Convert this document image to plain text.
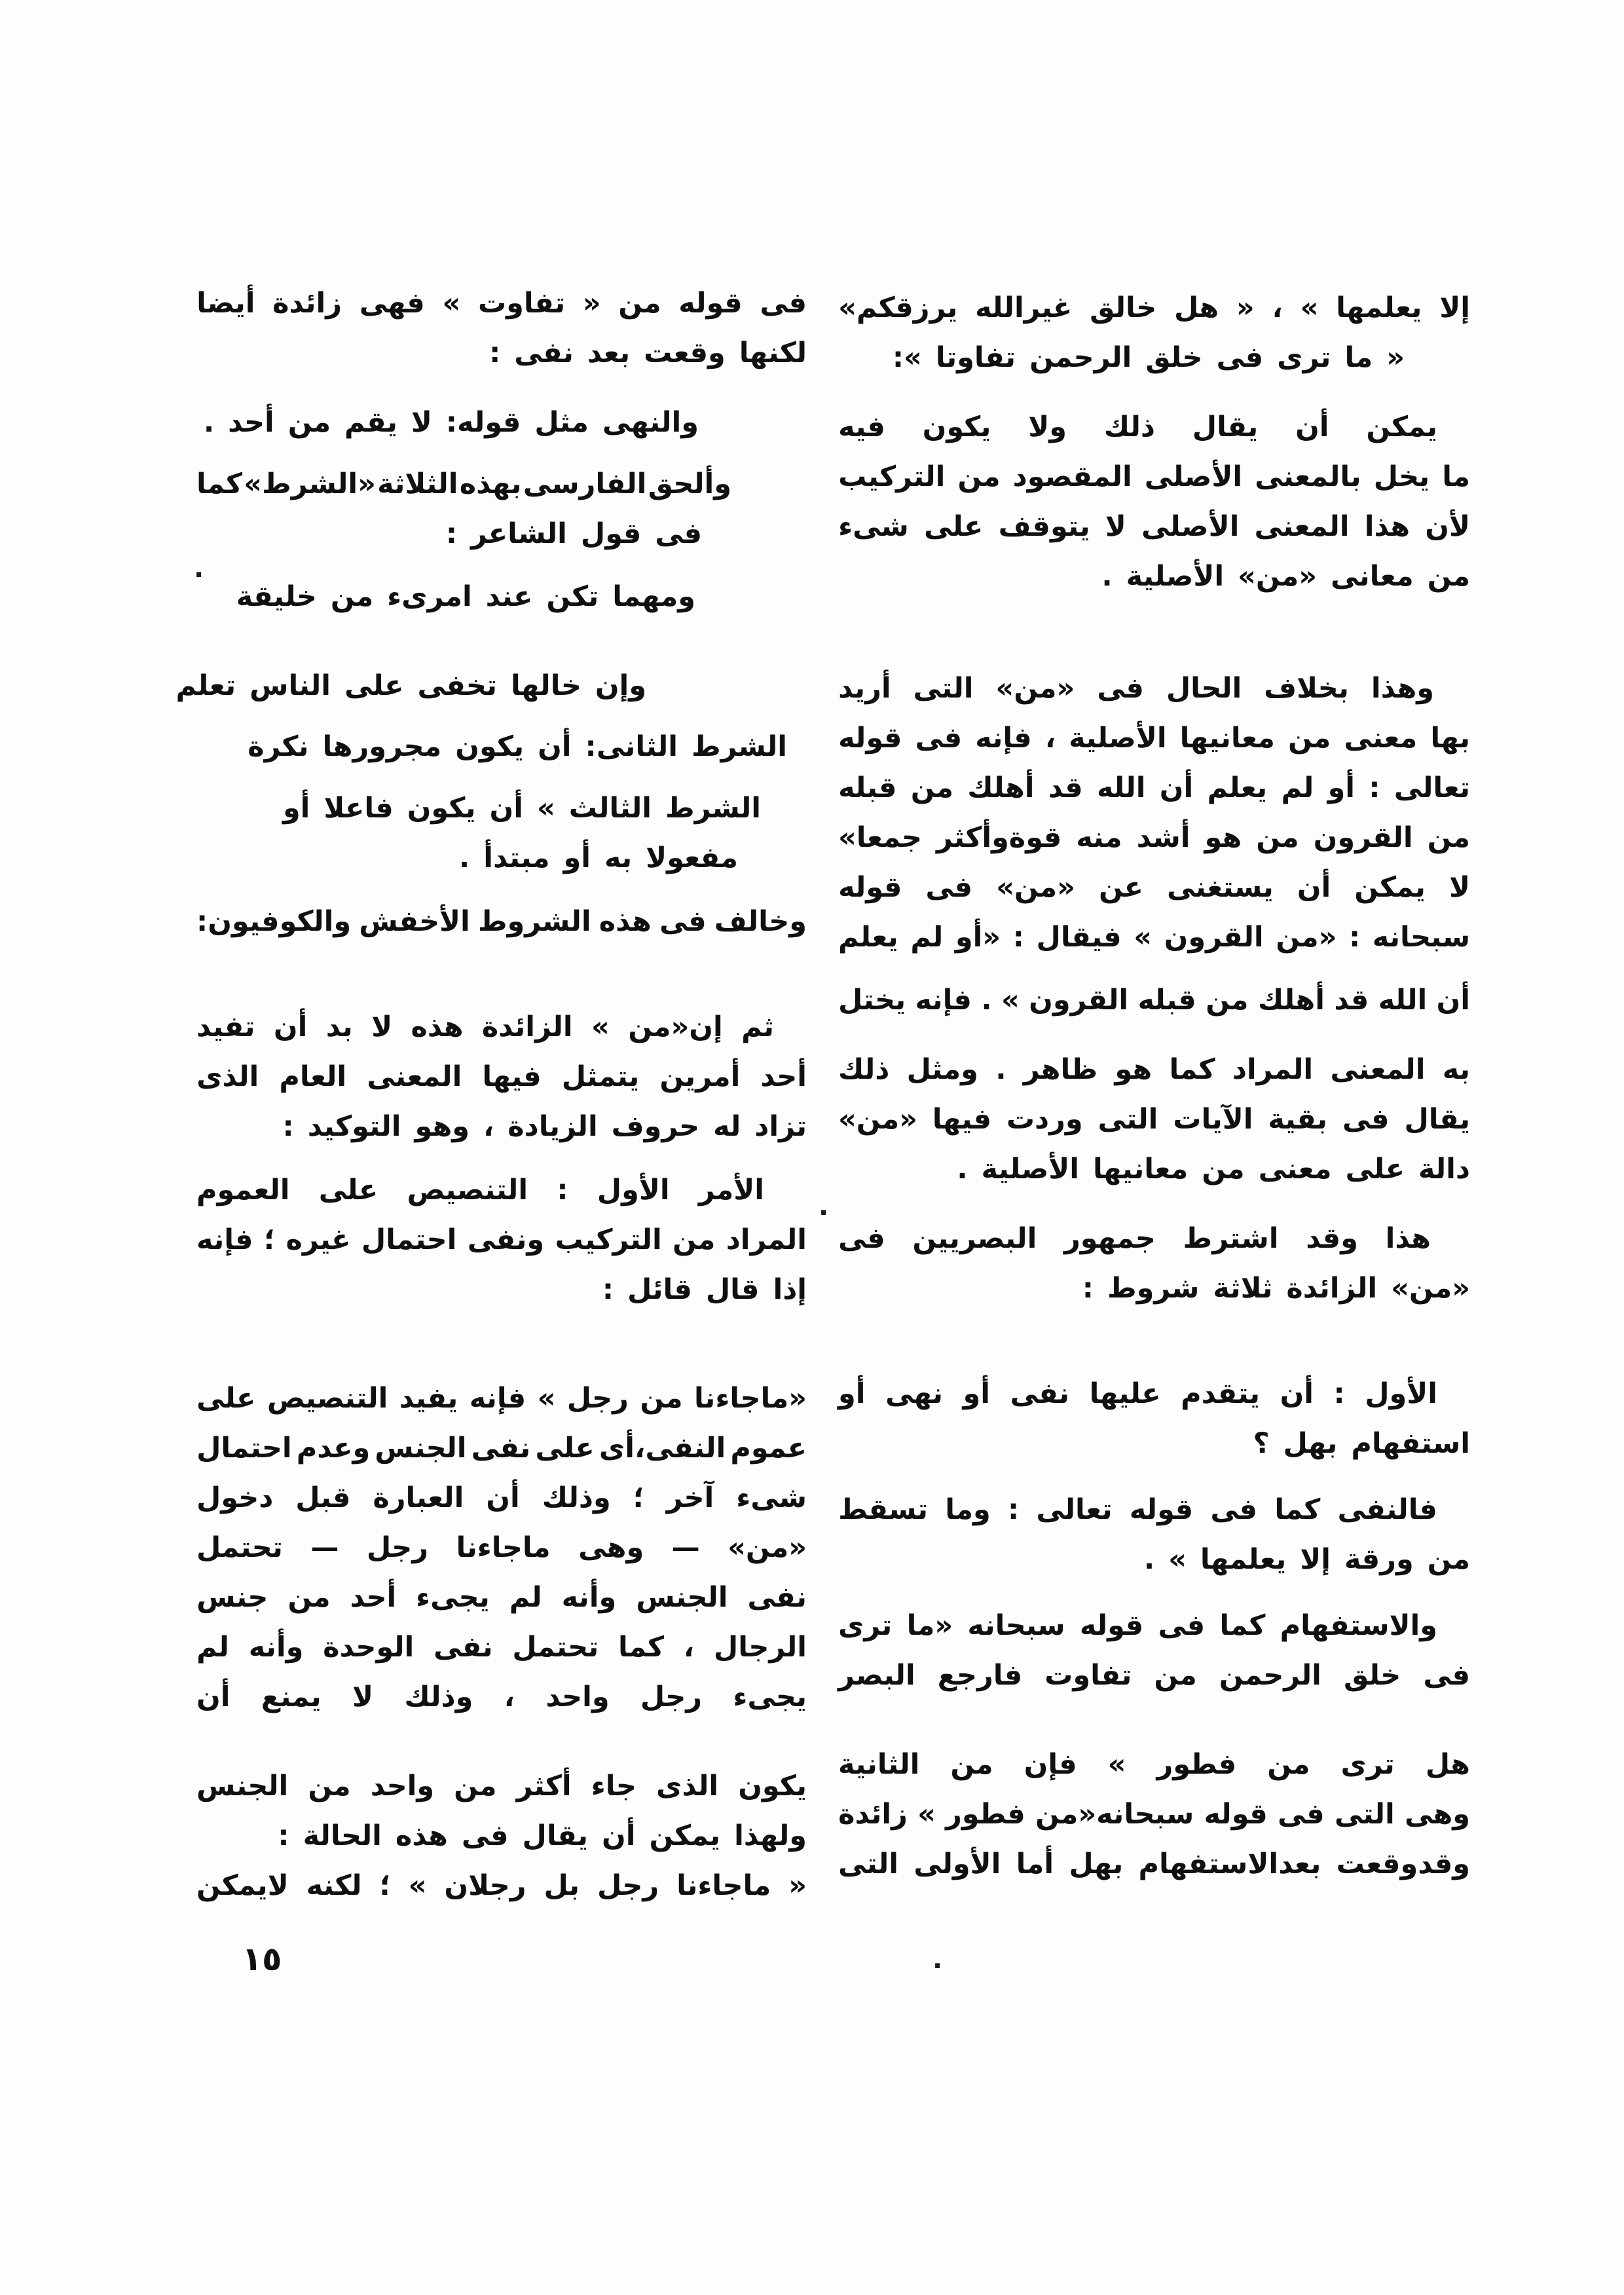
إلا
يعلمها
»
،
«
هل
خالق
غيرالله
يرزقكم»
« ما ترى فى خلق الرحمن تفاوتا »:
يمكن
أن
يقال
ذلك
ولا
يكون
فيه
ما
يخل
بالمعنى
الأصلى
المقصود
من
التركيب
لأن
هذا
المعنى
الأصلى
لا
يتوقف
على
شىء
من معانى «من» الأصلية .
وهذا
بخلاف
الحال
فى
«من»
التى
أريد
بها
معنى
من
معانيها
الأصلية
،
فإنه
فى
قوله
تعالى
:
أو
لم
يعلم
أن
الله
قد
أهلك
من
قبله
من
القرون
من
هو
أشد
منه
قوةوأكثر
جمعا»
لا
يمكن
أن
يستغنى
عن
«من»
فى
قوله
سبحانه
:
«من
القرون
»
فيقال
:
«أو
لم
يعلم
أن
الله
قد
أهلك
من
قبله
القرون
»
.
فإنه
يختل
به
المعنى
المراد
كما
هو
ظاهر
.
ومثل
ذلك
يقال
فى
بقية
الآيات
التى
وردت
فيها
«من»
دالة على معنى من معانيها الأصلية .
هذا
وقد
اشترط
جمهور
البصريين
فى
«من» الزائدة ثلاثة شروط :
الأول
:
أن
يتقدم
عليها
نفى
أو
نهى
أو
استفهام بهل ؟
فالنفى
كما
فى
قوله
تعالى
:
وما
تسقط
من ورقة إلا يعلمها » .
والاستفهام
كما
فى
قوله
سبحانه
«ما
ترى
فى
خلق
الرحمن
من
تفاوت
فارجع
البصر
هل
ترى
من
فطور
»
فإن
من
الثانية
وهى
التى
فى
قوله
سبحانه«من
فطور
»
زائدة
وقدوقعت
بعدالاستفهام
بهل
أما
الأولى
التى
فى
قوله
من
«
تفاوت
»
فهى
زائدة
أيضا
لكنها وقعت بعد نفى :
والنهى مثل قوله: لا يقم من أحد .
وألحق
الفارسى
بهذه
الثلاثة
«الشرط»
كما
فى قول الشاعر :
ومهما تكن عند امرىء من خليقة
وإن خالها تخفى على الناس تعلم
الشرط الثانى: أن يكون مجرورها نكرة
الشرط الثالث » أن يكون فاعلا أو
مفعولا به أو مبتدأ .
وخالف
فى
هذه
الشروط
الأخفش
والكوفيون:
ثم
إن«من
»
الزائدة
هذه
لا
بد
أن
تفيد
أحد
أمرين
يتمثل
فيها
المعنى
العام
الذى
تزاد له حروف الزيادة ، وهو التوكيد :
الأمر
الأول
:
التنصيص
على
العموم
المراد
من
التركيب
ونفى
احتمال
غيره
؛
فإنه
إذا قال قائل :
«ماجاءنا
من
رجل
»
فإنه
يفيد
التنصيص
على
عموم
النفى،أى
على
نفى
الجنس
وعدم
احتمال
شىء
آخر
؛
وذلك
أن
العبارة
قبل
دخول
«من»
—
وهى
ماجاءنا
رجل
—
تحتمل
نفى
الجنس
وأنه
لم
يجىء
أحد
من
جنس
الرجال
،
كما
تحتمل
نفى
الوحدة
وأنه
لم
يجىء
رجل
واحد
،
وذلك
لا
يمنع
أن
يكون
الذى
جاء
أكثر
من
واحد
من
الجنس
ولهذا يمكن أن يقال فى هذه الحالة :
«
ماجاءنا
رجل
بل
رجلان
»
؛
لكنه
لايمكن
١٥
.
·
.
